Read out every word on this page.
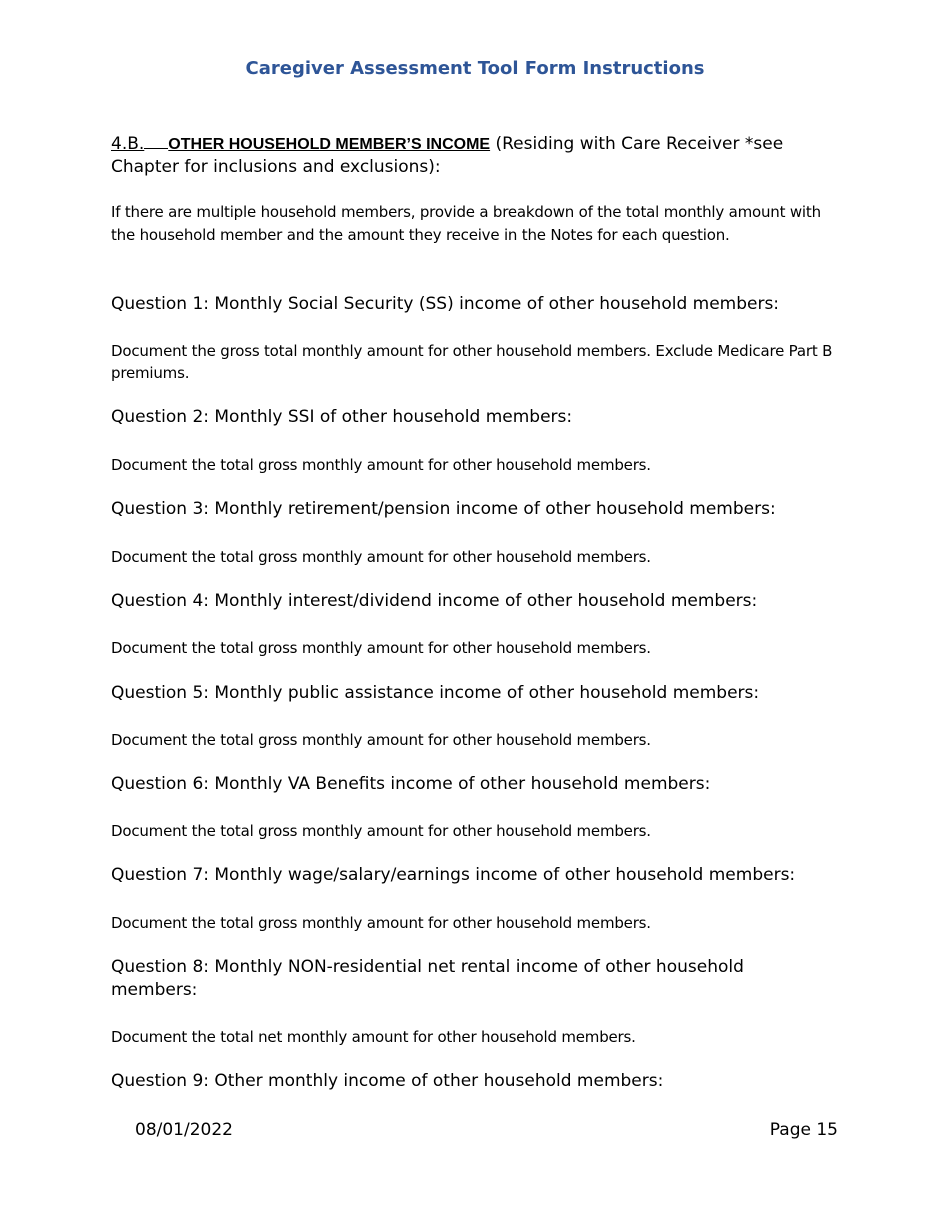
Caregiver Assessment Tool Form Instructions

4.B. OTHER HOUSEHOLD MEMBER’S INCOME (Residing with Care Receiver *see Chapter for inclusions and exclusions):

If there are multiple household members, provide a breakdown of the total monthly amount with the household member and the amount they receive in the Notes for each question.

Question 1: Monthly Social Security (SS) income of other household members:

Document the gross total monthly amount for other household members. Exclude Medicare Part B premiums.

Question 2: Monthly SSI of other household members:

Document the total gross monthly amount for other household members.

Question 3: Monthly retirement/pension income of other household members:

Document the total gross monthly amount for other household members.

Question 4: Monthly interest/dividend income of other household members:

Document the total gross monthly amount for other household members.

Question 5: Monthly public assistance income of other household members:

Document the total gross monthly amount for other household members.

Question 6: Monthly VA Benefits income of other household members:

Document the total gross monthly amount for other household members.

Question 7: Monthly wage/salary/earnings income of other household members:

Document the total gross monthly amount for other household members.

Question 8: Monthly NON-residential net rental income of other household members:

Document the total net monthly amount for other household members.

Question 9: Other monthly income of other household members:

08/01/2022	Page 15
